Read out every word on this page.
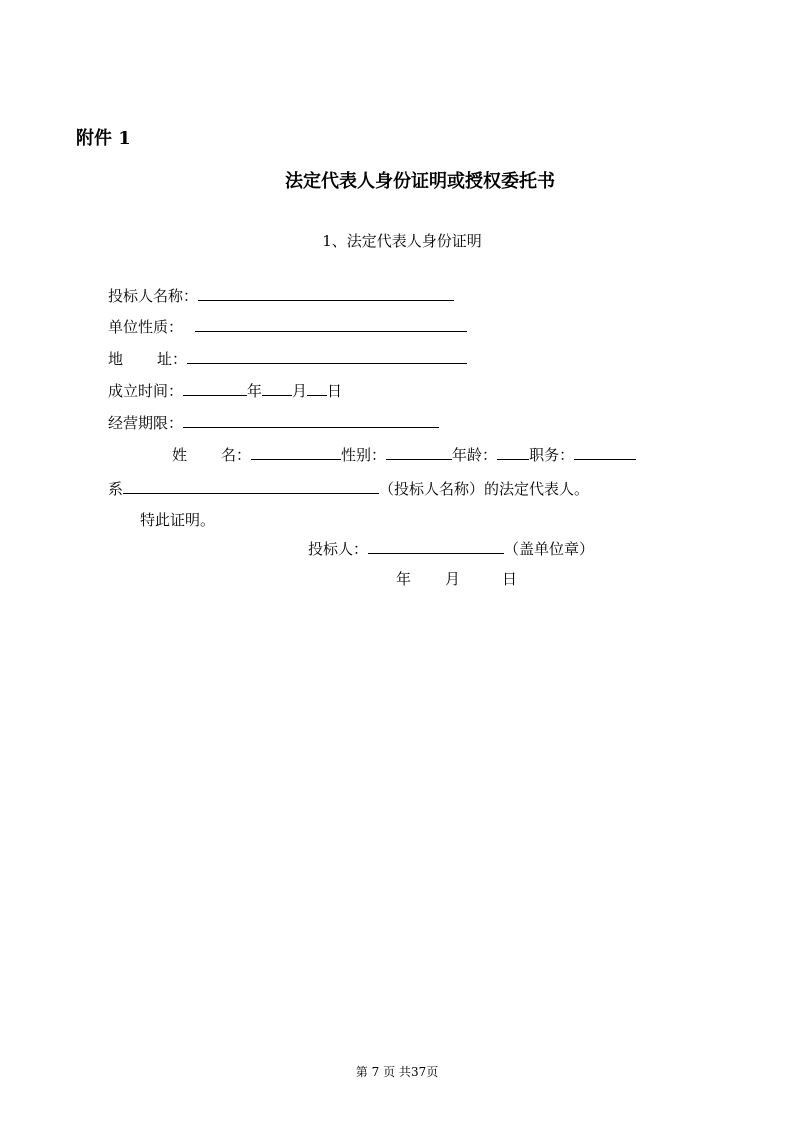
附件 1
法定代表人身份证明或授权委托书
1、法定代表人身份证明
投标人名称：
单位性质：
地 址：
成立时间：	年 月 日
经营期限：
姓 名：	性别：	年龄： 职务：
系	（投标人名称）的法定代表人。
特此证明。
投标人：	（盖单位章）
年 月	日
第 7 页 共37页
